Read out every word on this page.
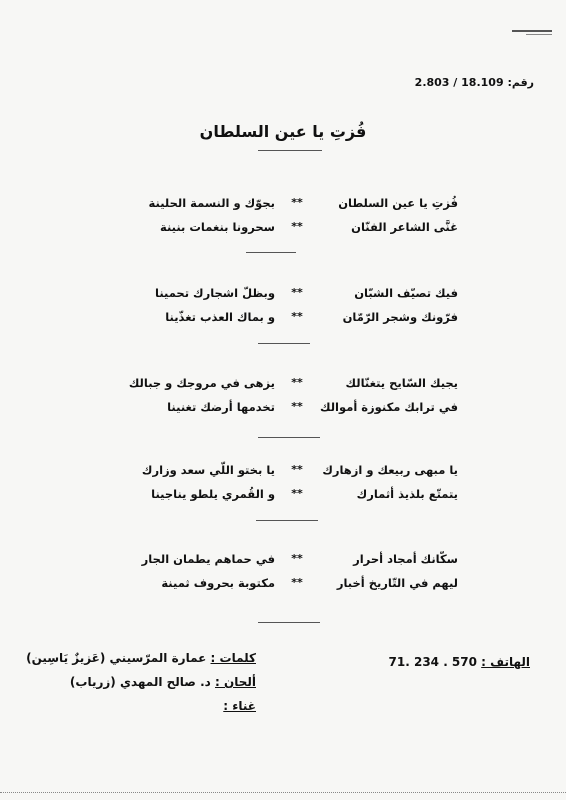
رقم: 18.109 / 2.803
فُزتِ يا عين السلطان
فُزتِ يا عين السلطان
**
بجوّك و النسمة الحلينة
غنَّى الشاعر الفنّان
**
سحرونا بنغمات بنينة
فيك تصيّف الشبّان
**
وبظلّ اشجارك تحمينا
فرّونك وشجر الرّمّان
**
و بماك العذب تغذّينا
يجيك السّايح يتغنّالك
**
يزهى في مروجك و جبالك
في ترابك مكنوزة أموالك
**
تخدمها أرضك تغنينا
يا مبهى ربيعك و ازهارك
**
يا بختو اللّي سعد وزارك
يتمتّع بلذيذ أثمارك
**
و القُمري يلطو يناجينا
سكّانك أمجاد أحرار
**
في حماهم يطمان الجار
ليهم في التّاريخ أخبار
**
مكتوبة بحروف ثمينة
كلمات : عمارة المرّسيني (عَزيزٌ يَاسِين)
ألحان : د. صالح المهدي (زرياب)
غناء :
الهاتف : 71. 234 . 570
